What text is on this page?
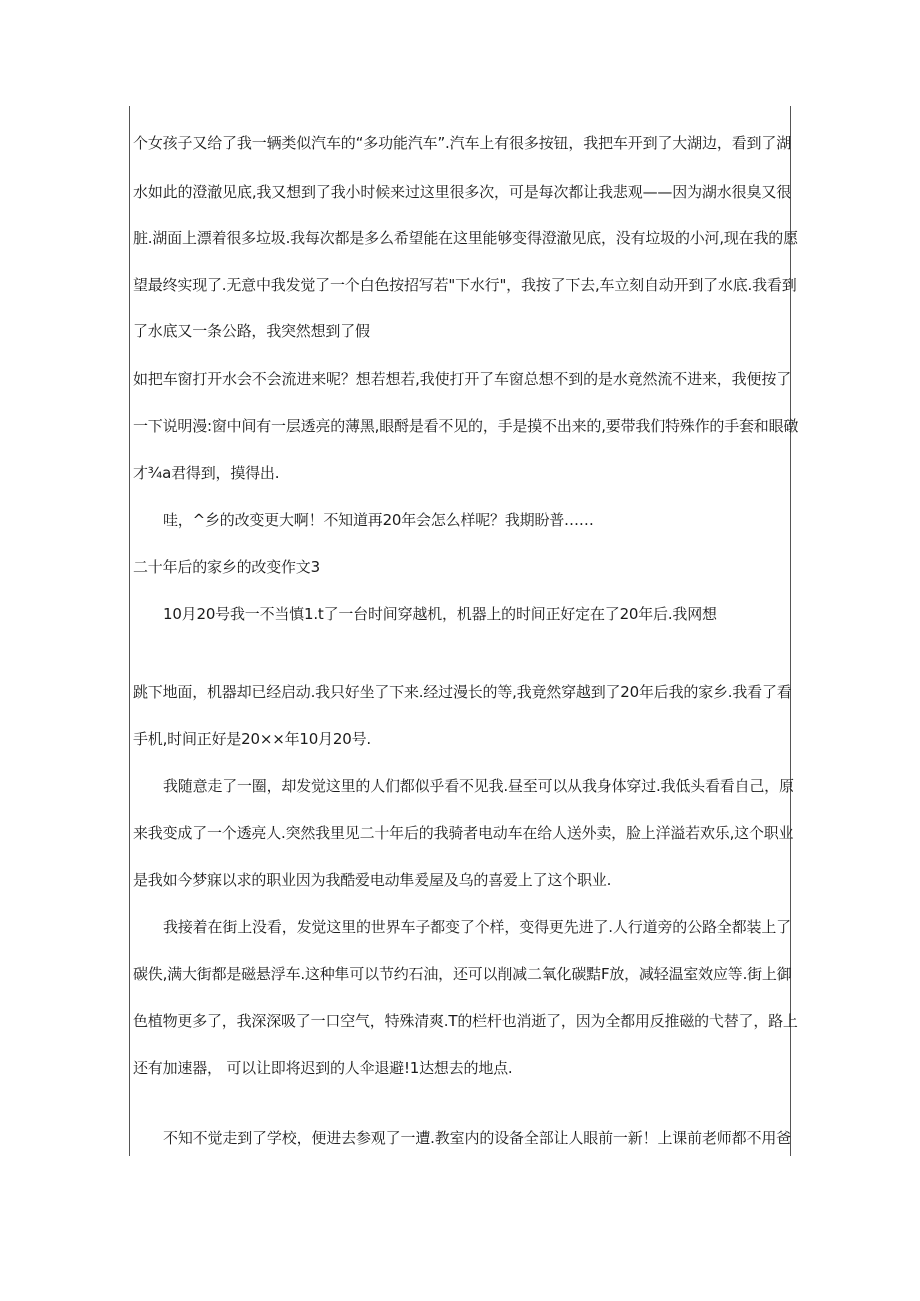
个女孩子又给了我一辆类似汽车的“多功能汽车”.汽车上有很多按钮，我把车开到了大湖边，看到了湖
水如此的澄澈见底,我又想到了我小时候来过这里很多次，可是每次都让我悲观——因为湖水很臭又很
脏.湖面上漂着很多垃圾.我每次都是多么希望能在这里能够变得澄澈见底，没有垃圾的小河,现在我的愿
望最终实现了.无意中我发觉了一个白色按招写若"下水行"，我按了下去,车立刻自动开到了水底.我看到
了水底又一条公路，我突然想到了假
如把车窗打开水会不会流进来呢？想若想若,我使打开了车窗总想不到的是水竟然流不进来，我便按了
一下说明漫:窗中间有一层透亮的薄黑,眼酹是看不见的，手是摸不出来的,要带我们特殊作的手套和眼礅
才¾a君得到，摸得出.
哇，^乡的改变更大啊！不知道再20年会怎么样呢？我期盼普……
二十年后的家乡的改变作文3
10月20号我一不当慎1.t了一台时间穿越机，机器上的时间正好定在了20年后.我网想
跳下地面，机器却已经启动.我只好坐了下来.经过漫长的等,我竟然穿越到了20年后我的家乡.我看了看
手机,时间正好是20××年10月20号.
我随意走了一圈，却发觉这里的人们都似乎看不见我.昼至可以从我身体穿过.我低头看看自己，原
来我变成了一个透亮人.突然我里见二十年后的我骑者电动车在给人送外卖，脸上洋溢若欢乐,这个职业
是我如今梦寐以求的职业因为我酷爱电动隼爰屋及乌的喜爱上了这个职业.
我接着在街上没看，发觉这里的世界车子都变了个样，变得更先进了.人行道旁的公路全都装上了
碳佚,满大街都是磁悬浮车.这种隼可以节约石油，还可以削减二氧化碳黠F放，减轻温室效应等.街上御
色植物更多了，我深深吸了一口空气，特殊清爽.T的栏杆也消逝了，因为全都用反推磁的弋替了，路上
还有加速器， 可以让即将迟到的人伞退避!1达想去的地点.
不知不觉走到了学校，便进去参观了一遭.教室内的设备全部让人眼前一新！上课前老师都不用爸
